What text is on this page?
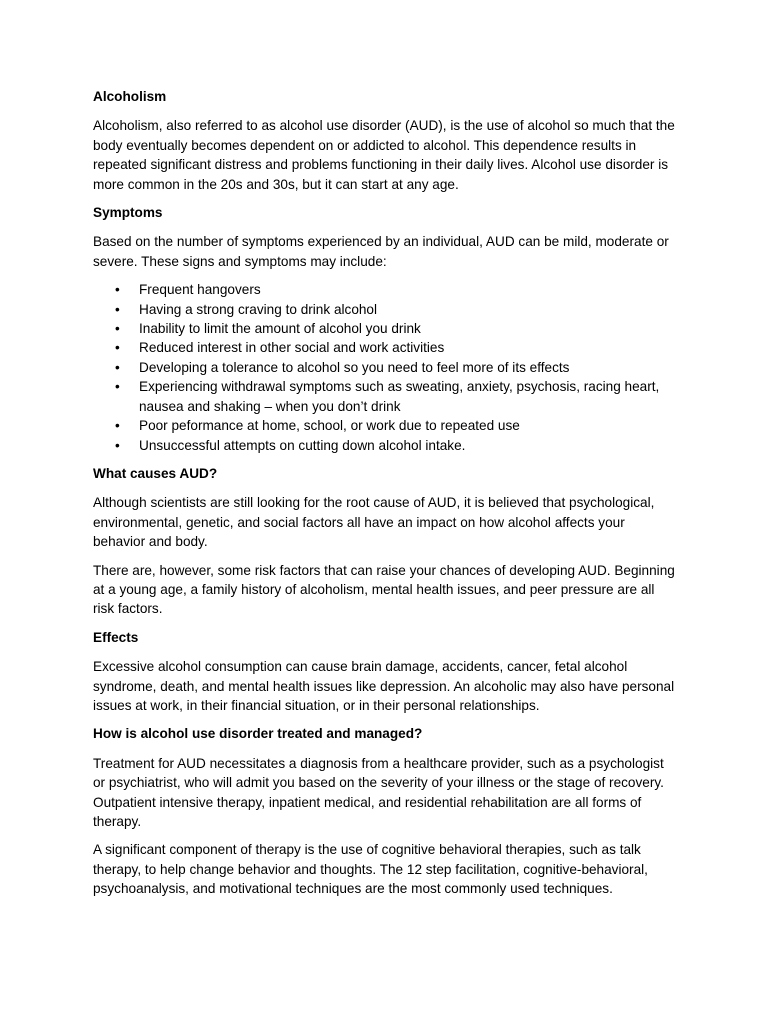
Alcoholism

Alcoholism, also referred to as alcohol use disorder (AUD), is the use of alcohol so much that the body eventually becomes dependent on or addicted to alcohol. This dependence results in repeated significant distress and problems functioning in their daily lives. Alcohol use disorder is more common in the 20s and 30s, but it can start at any age.

Symptoms

Based on the number of symptoms experienced by an individual, AUD can be mild, moderate or severe. These signs and symptoms may include:

• Frequent hangovers
• Having a strong craving to drink alcohol
• Inability to limit the amount of alcohol you drink
• Reduced interest in other social and work activities
• Developing a tolerance to alcohol so you need to feel more of its effects
• Experiencing withdrawal symptoms such as sweating, anxiety, psychosis, racing heart, nausea and shaking – when you don’t drink
• Poor peformance at home, school, or work due to repeated use
• Unsuccessful attempts on cutting down alcohol intake.
What causes AUD?

Although scientists are still looking for the root cause of AUD, it is believed that psychological, environmental, genetic, and social factors all have an impact on how alcohol affects your behavior and body.

There are, however, some risk factors that can raise your chances of developing AUD. Beginning at a young age, a family history of alcoholism, mental health issues, and peer pressure are all risk factors.

Effects

Excessive alcohol consumption can cause brain damage, accidents, cancer, fetal alcohol syndrome, death, and mental health issues like depression. An alcoholic may also have personal issues at work, in their financial situation, or in their personal relationships.

How is alcohol use disorder treated and managed?

Treatment for AUD necessitates a diagnosis from a healthcare provider, such as a psychologist or psychiatrist, who will admit you based on the severity of your illness or the stage of recovery. Outpatient intensive therapy, inpatient medical, and residential rehabilitation are all forms of therapy.

A significant component of therapy is the use of cognitive behavioral therapies, such as talk therapy, to help change behavior and thoughts. The 12 step facilitation, cognitive-behavioral, psychoanalysis, and motivational techniques are the most commonly used techniques.
